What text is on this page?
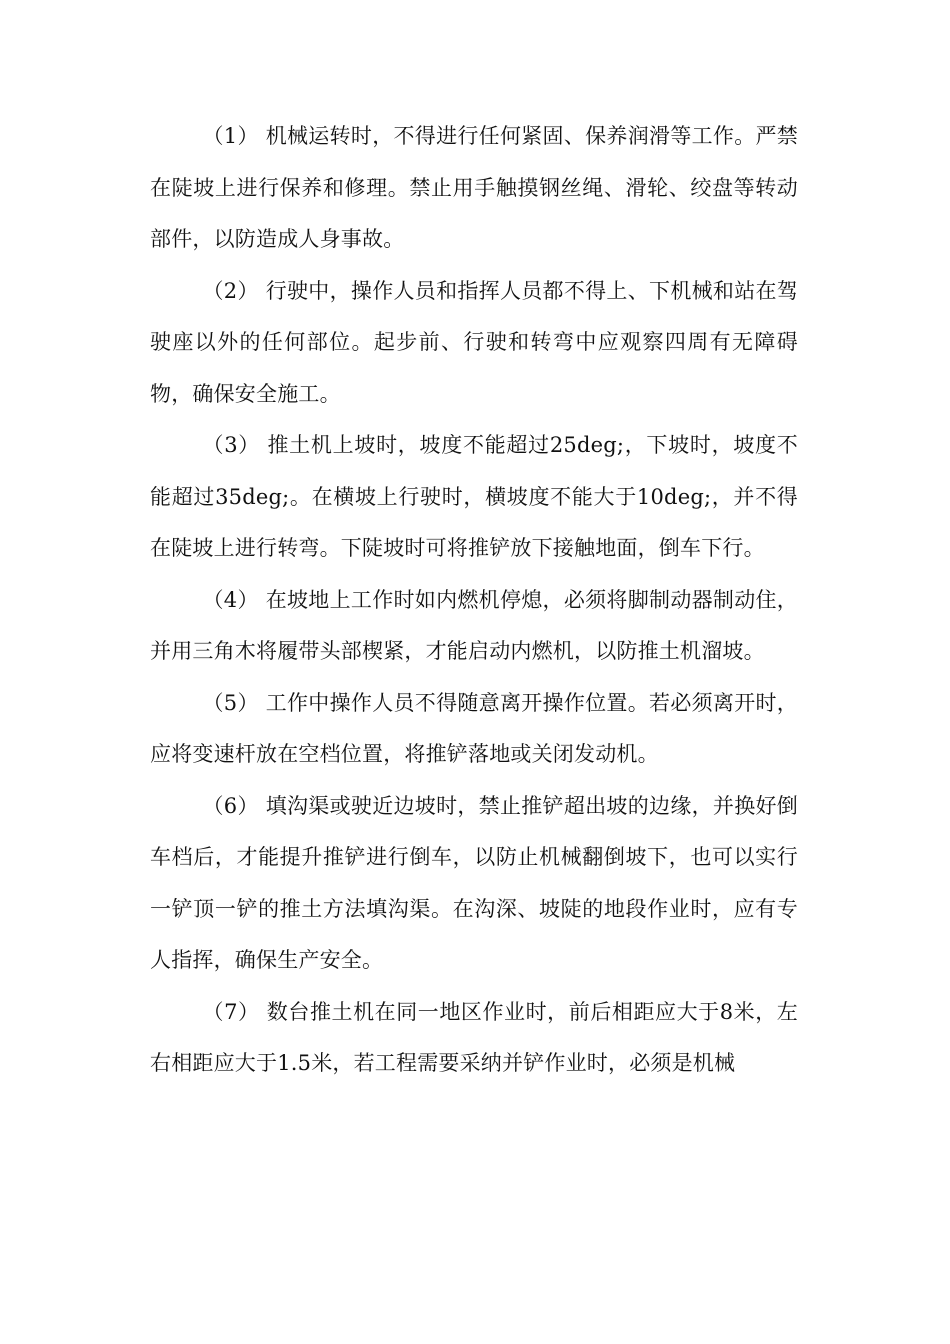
（1） 机械运转时，不得进行任何紧固、保养润滑等工作。严禁在陡坡上进行保养和修理。禁止用手触摸钢丝绳、滑轮、绞盘等转动部件，以防造成人身事故。

（2） 行驶中，操作人员和指挥人员都不得上、下机械和站在驾驶座以外的任何部位。起步前、行驶和转弯中应观察四周有无障碍物，确保安全施工。

（3） 推土机上坡时，坡度不能超过25deg;，下坡时，坡度不能超过35deg;。在横坡上行驶时，横坡度不能大于10deg;，并不得在陡坡上进行转弯。下陡坡时可将推铲放下接触地面，倒车下行。

（4） 在坡地上工作时如内燃机停熄，必须将脚制动器制动住，并用三角木将履带头部楔紧，才能启动内燃机，以防推土机溜坡。

（5） 工作中操作人员不得随意离开操作位置。若必须离开时，应将变速杆放在空档位置，将推铲落地或关闭发动机。

（6） 填沟渠或驶近边坡时，禁止推铲超出坡的边缘，并换好倒车档后，才能提升推铲进行倒车，以防止机械翻倒坡下，也可以实行一铲顶一铲的推土方法填沟渠。在沟深、坡陡的地段作业时，应有专人指挥，确保生产安全。

（7） 数台推土机在同一地区作业时，前后相距应大于8米，左右相距应大于1.5米，若工程需要采纳并铲作业时，必须是机械
